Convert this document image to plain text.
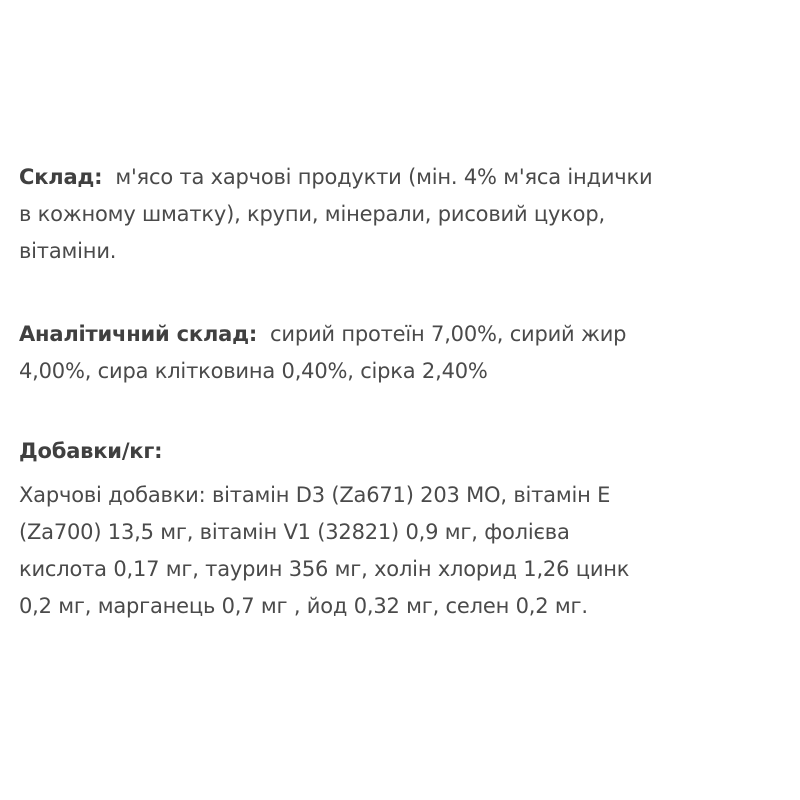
Склад: м'ясо та харчові продукти (мін. 4% м'яса індички
в кожному шматку), крупи, мінерали, рисовий цукор,
вітаміни.
Аналітичний склад: сирий протеїн 7,00%, сирий жир
4,00%, сира клітковина 0,40%, сірка 2,40%
Добавки/кг:
Харчові добавки: вітамін D3 (Za671) 203 МО, вітамін Е
(Za700) 13,5 мг, вітамін V1 (32821) 0,9 мг, фолієва
кислота 0,17 мг, таурин 356 мг, холін хлорид 1,26 цинк
0,2 мг, марганець 0,7 мг , йод 0,32 мг, селен 0,2 мг.
